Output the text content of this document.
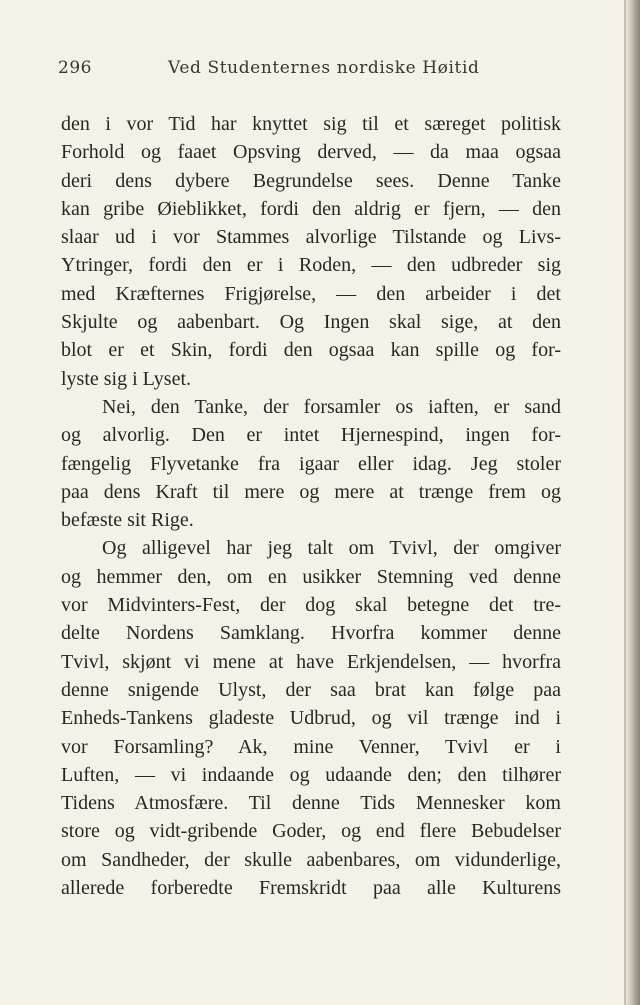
296	Ved Studenternes nordiske Høitid
den i vor Tid har knyttet sig til et særeget politisk
Forhold og faaet Opsving derved, — da maa ogsaa
deri dens dybere Begrundelse sees. Denne Tanke
kan gribe Øieblikket, fordi den aldrig er fjern, — den
slaar ud i vor Stammes alvorlige Tilstande og Livs-
Ytringer, fordi den er i Roden, — den udbreder sig
med Kræfternes Frigjørelse, — den arbeider i det
Skjulte og aabenbart. Og Ingen skal sige, at den
blot er et Skin, fordi den ogsaa kan spille og for-
lyste sig i Lyset.
Nei, den Tanke, der forsamler os iaften, er sand
og alvorlig. Den er intet Hjernespind, ingen for-
fængelig Flyvetanke fra igaar eller idag. Jeg stoler
paa dens Kraft til mere og mere at trænge frem og
befæste sit Rige.
Og alligevel har jeg talt om Tvivl, der omgiver
og hemmer den, om en usikker Stemning ved denne
vor Midvinters-Fest, der dog skal betegne det tre-
delte Nordens Samklang. Hvorfra kommer denne
Tvivl, skjønt vi mene at have Erkjendelsen, — hvorfra
denne snigende Ulyst, der saa brat kan følge paa
Enheds-Tankens gladeste Udbrud, og vil trænge ind i
vor Forsamling? Ak, mine Venner, Tvivl er i
Luften, — vi indaande og udaande den; den tilhører
Tidens Atmosfære. Til denne Tids Mennesker kom
store og vidt-gribende Goder, og end flere Bebudelser
om Sandheder, der skulle aabenbares, om vidunderlige,
allerede forberedte Fremskridt paa alle Kulturens
